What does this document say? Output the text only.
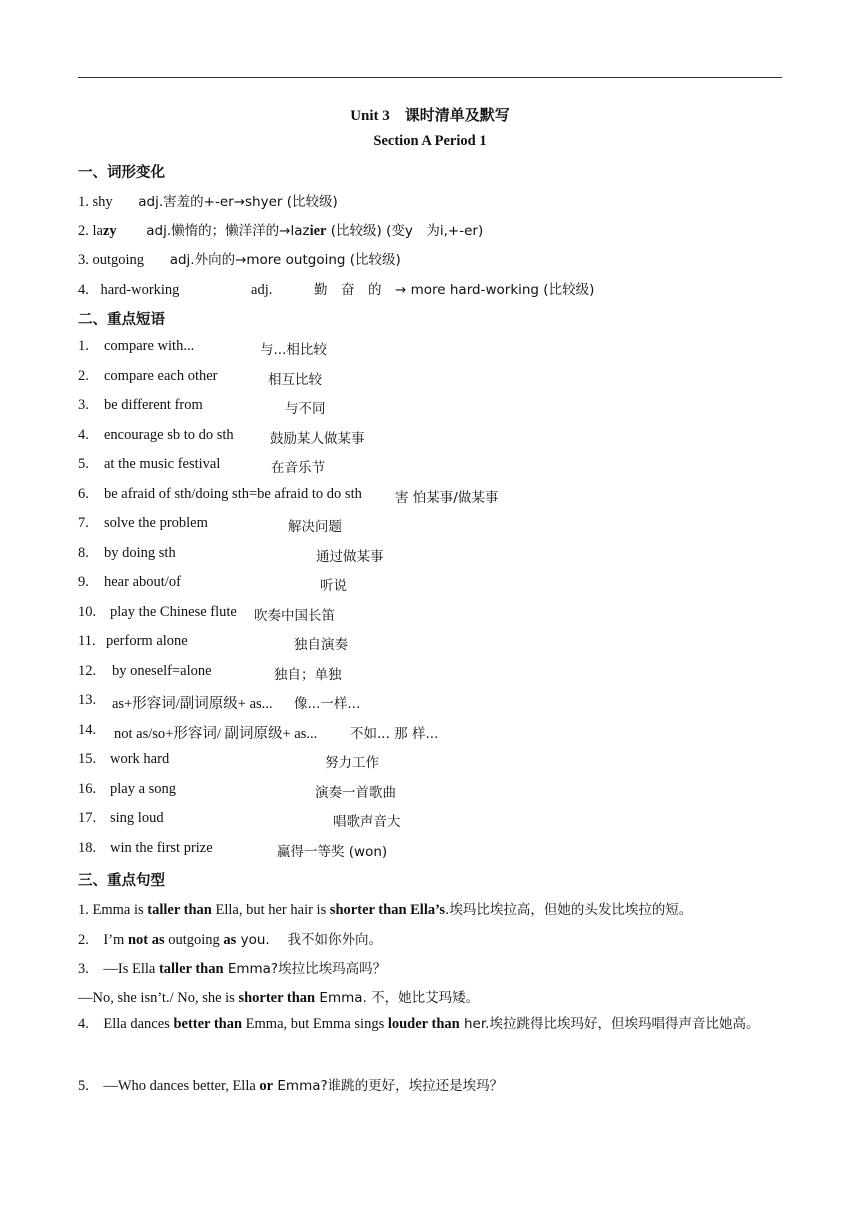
Unit 3　课时清单及默写
Section A Period 1
一、词形变化
1. shy adj.害羞的+-er→shyer (比较级)
2. lazy adj.懒惰的；懒洋洋的→lazier (比较级) (变y　为i,+-er)
3. outgoing adj.外向的→more outgoing (比较级)
4. hard-working	adj.	勤　奋　的　→ more hard-working (比较级)
二、重点短语
1. compare with...	与...相比较
2. compare each other	相互比较
3. be different from	与不同
4. encourage sb to do sth	鼓励某人做某事
5. at the music festival	在音乐节
6. be afraid of sth/doing sth=be afraid to do sth 害 怕某事/做某事
7. solve the problem	解决问题
8. by doing sth	通过做某事
9. hear about/of	听说
10. play the Chinese flute 吹奏中国长笛
11. perform alone	独自演奏
12. by oneself=alone	独自；单独
13. as+形容词/副词原级+ as... 像...一样...
14. not as/so+形容词/ 副词原级+ as... 不如... 那 样...
15. work hard	努力工作
16. play a song	演奏一首歌曲
17. sing loud	唱歌声音大
18. win the first prize	赢得一等奖 (won)
三、重点句型
1. Emma is taller than Ella, but her hair is shorter than Ella’s.埃玛比埃拉高，但她的头发比埃拉的短。
2.　I’m not as outgoing as you.　 我不如你外向。
3.　—Is Ella taller than Emma?埃拉比埃玛高吗？
—No, she isn’t./ No, she is shorter than Emma. 不，她比艾玛矮。
4.　Ella dances better than Emma, but Emma sings louder than her.埃拉跳得比埃玛好，但埃玛唱得声音比她高。
5.　—Who dances better, Ella or Emma?谁跳的更好，埃拉还是埃玛？
